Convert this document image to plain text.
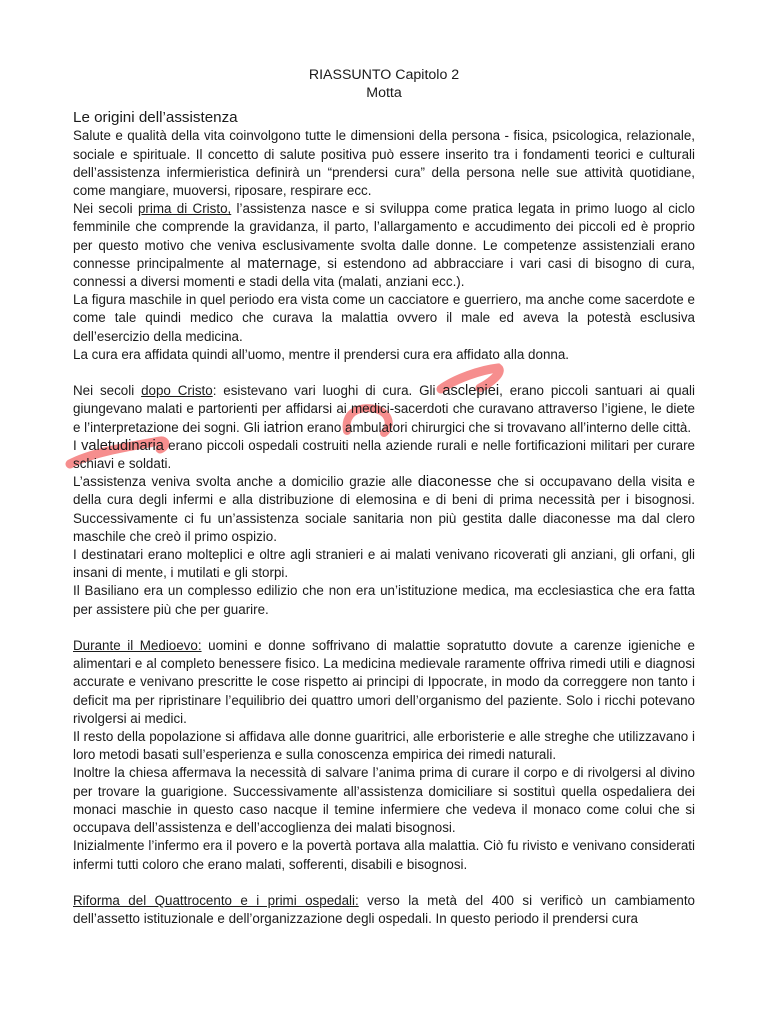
RIASSUNTO Capitolo 2
Motta
Le origini dell’assistenza

Salute e qualità della vita coinvolgono tutte le dimensioni della persona - fisica, psicologica, relazionale, sociale e spirituale. Il concetto di salute positiva può essere inserito tra i fondamenti teorici e culturali dell’assistenza infermieristica definirà un “prendersi cura” della persona nelle sue attività quotidiane, come mangiare, muoversi, riposare, respirare ecc.

Nei secoli prima di Cristo, l’assistenza nasce e si sviluppa come pratica legata in primo luogo al ciclo femminile che comprende la gravidanza, il parto, l’allargamento e accudimento dei piccoli ed è proprio per questo motivo che veniva esclusivamente svolta dalle donne. Le competenze assistenziali erano connesse principalmente al maternage, si estendono ad abbracciare i vari casi di bisogno di cura, connessi a diversi momenti e stadi della vita (malati, anziani ecc.).

La figura maschile in quel periodo era vista come un cacciatore e guerriero, ma anche come sacerdote e come tale quindi medico che curava la malattia ovvero il male ed aveva la potestà esclusiva dell’esercizio della medicina.

La cura era affidata quindi all’uomo, mentre il prendersi cura era affidato alla donna.

Nei secoli dopo Cristo: esistevano vari luoghi di cura. Gli asclepiei, erano piccoli santuari ai quali giungevano malati e partorienti per affidarsi ai medici-sacerdoti che curavano attraverso l’igiene, le diete e l’interpretazione dei sogni. Gli iatrion erano ambulatori chirurgici che si trovavano all’interno delle città.

I valetudinaria erano piccoli ospedali costruiti nella aziende rurali e nelle fortificazioni militari per curare schiavi e soldati.

L’assistenza veniva svolta anche a domicilio grazie alle diaconesse che si occupavano della visita e della cura degli infermi e alla distribuzione di elemosina e di beni di prima necessità per i bisognosi. Successivamente ci fu un’assistenza sociale sanitaria non più gestita dalle diaconesse ma dal clero maschile che creò il primo ospizio.

I destinatari erano molteplici e oltre agli stranieri e ai malati venivano ricoverati gli anziani, gli orfani, gli insani di mente, i mutilati e gli storpi.

Il Basiliano era un complesso edilizio che non era un’istituzione medica, ma ecclesiastica che era fatta per assistere più che per guarire.

Durante il Medioevo: uomini e donne soffrivano di malattie sopratutto dovute a carenze igieniche e alimentari e al completo benessere fisico. La medicina medievale raramente offriva rimedi utili e diagnosi accurate e venivano prescritte le cose rispetto ai principi di Ippocrate, in modo da correggere non tanto i deficit ma per ripristinare l’equilibrio dei quattro umori dell’organismo del paziente. Solo i ricchi potevano rivolgersi ai medici.

Il resto della popolazione si affidava alle donne guaritrici, alle erboristerie e alle streghe che utilizzavano i loro metodi basati sull’esperienza e sulla conoscenza empirica dei rimedi naturali.

Inoltre la chiesa affermava la necessità di salvare l’anima prima di curare il corpo e di rivolgersi al divino per trovare la guarigione. Successivamente all’assistenza domiciliare si sostituì quella ospedaliera dei monaci maschie in questo caso nacque il temine infermiere che vedeva il monaco come colui che si occupava dell’assistenza e dell’accoglienza dei malati bisognosi.

Inizialmente l’infermo era il povero e la povertà portava alla malattia. Ciò fu rivisto e venivano considerati infermi tutti coloro che erano malati, sofferenti, disabili e bisognosi.

Riforma del Quattrocento e i primi ospedali: verso la metà del 400 si verificò un cambiamento dell’assetto istituzionale e dell’organizzazione degli ospedali. In questo periodo il prendersi cura
